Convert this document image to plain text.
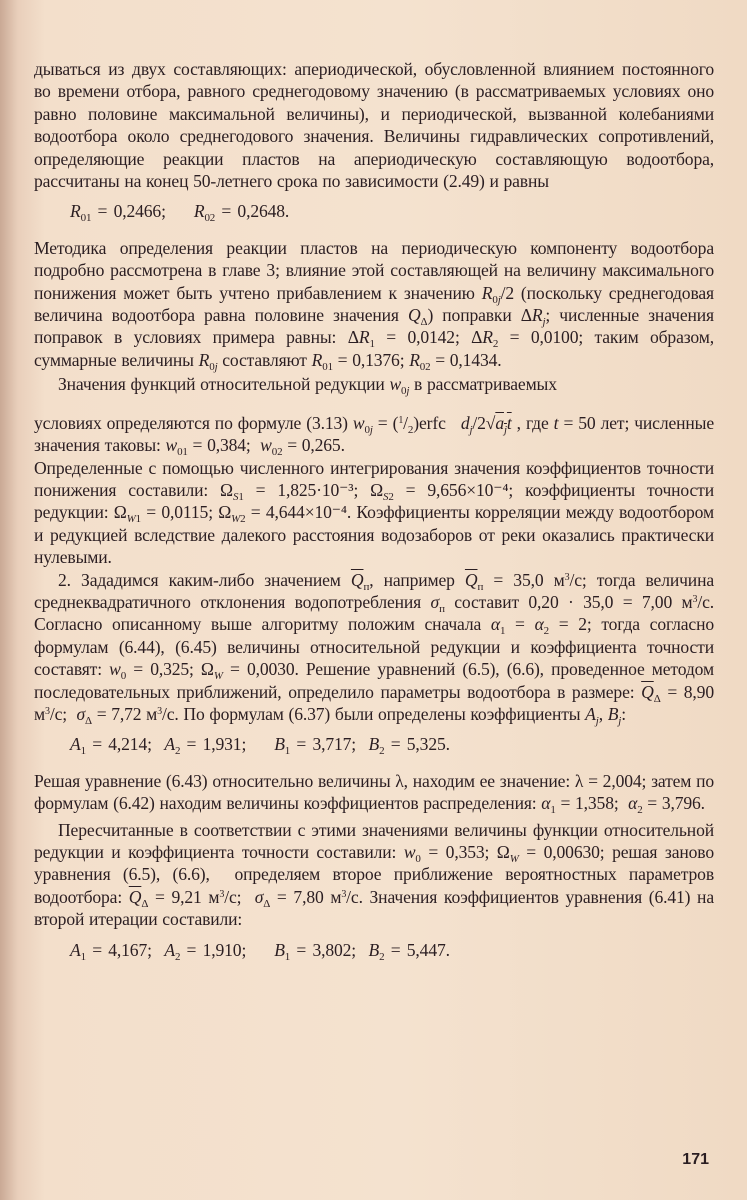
дываться из двух составляющих: апериодической, обусловленной влиянием постоянного во времени отбора, равного среднегодовому значению (в рассматриваемых условиях оно равно половине максимальной величины), и периодической, вызванной колебаниями водоотбора около среднегодового значения. Величины гидравлических сопротивлений, определяющие реакции пластов на апериодическую составляющую водоотбора, рассчитаны на конец 50-летнего срока по зависимости (2.49) и равны

$R_{01} = 0,2466$; $R_{02} = 0,2648$.

Методика определения реакции пластов на периодическую компоненту водоотбора подробно рассмотрена в главе 3; влияние этой составляющей на величину максимального понижения может быть учтено прибавлением к значению $R_{0j}/2$ (поскольку среднегодовая величина водоотбора равна половине значения $Q_\Delta$) поправки $\Delta R_j$; численные значения поправок в условиях примера равны: $\Delta R_1 = 0,0142$; $\Delta R_2 = 0,0100$; таким образом, суммарные величины $R_{0j}$ составляют $R_{01} = 0,1376$; $R_{02} = 0,1434$.

Значения функций относительной редукции $w_{0j}$ в рассматриваемых

условиях определяются по формуле (3.13) $w_{0j}$ = $(^1/_2)erfc$   $d_j/2√a_jt$ , где t = 50 лет; численные значения таковы: $w_{01} = 0,384$;  $w_{02} = 0,265$.

Определенные с помощью численного интегрирования значения коэффициентов точности понижения составили: $\Omega_{S1} = 1,825\cdot 10^{-3}$; $\Omega_{S2} = 9,656\times 10^{-4}$; коэффициенты точности редукции: $\Omega_{W1} = 0,0115$; $\Omega_{W2} = 4,644\times 10^{-4}$. Коэффициенты корреляции между водоотбором и редукцией вследствие далекого расстояния водозаборов от реки оказались практически нулевыми.

2. Зададимся каким-либо значением $\overline{Q}_п$, например $\overline{Q}_п = 35,0$ $м^3/с$; тогда величина среднеквадратичного отклонения водопотребления $\sigma_п$ составит 0,20 · 35,0 = 7,00 $м^3/с$. Согласно описанному выше алгоритму положим сначала $\alpha_1 = \alpha_2 = 2$; тогда согласно формулам (6.44), (6.45) величины относительной редукции и коэффициента точности составят: $w_0 = 0,325$; $\Omega_W = 0,0030$. Решение уравнений (6.5), (6.6), проведенное методом последовательных приближений, определило параметры водоотбора в размере: $\overline{Q}_\Delta = 8,90$ $м^3/с$;  $\sigma_\Delta = 7,72$ $м^3/с$. По формулам (6.37) были определены коэффициенты $A_j$, $B_j$:

$A_1 = 4,214$;  $A_2 = 1,931$; $B_1 = 3,717$;  $B_2 = 5,325$.

Решая уравнение (6.43) относительно величины λ, находим ее значение: λ = 2,004; затем по формулам (6.42) находим величины коэффициентов распределения: $\alpha_1 = 1,358$;  $\alpha_2 = 3,796$.

Пересчитанные в соответствии с этими значениями величины функции относительной редукции и коэффициента точности составили: $w_0 = 0,353$; $\Omega_W = 0,00630$; решая заново уравнения (6.5), (6.6),  определяем второе приближение вероятностных параметров водоотбора: $\overline{Q}_\Delta = 9,21$ $м^3/с$;  $\sigma_\Delta = 7,80$ $м^3/с$. Значения коэффициентов уравнения (6.41) на второй итерации составили:

$A_1 = 4,167$;  $A_2 = 1,910$; $B_1 = 3,802$;  $B_2 = 5,447$.
171
